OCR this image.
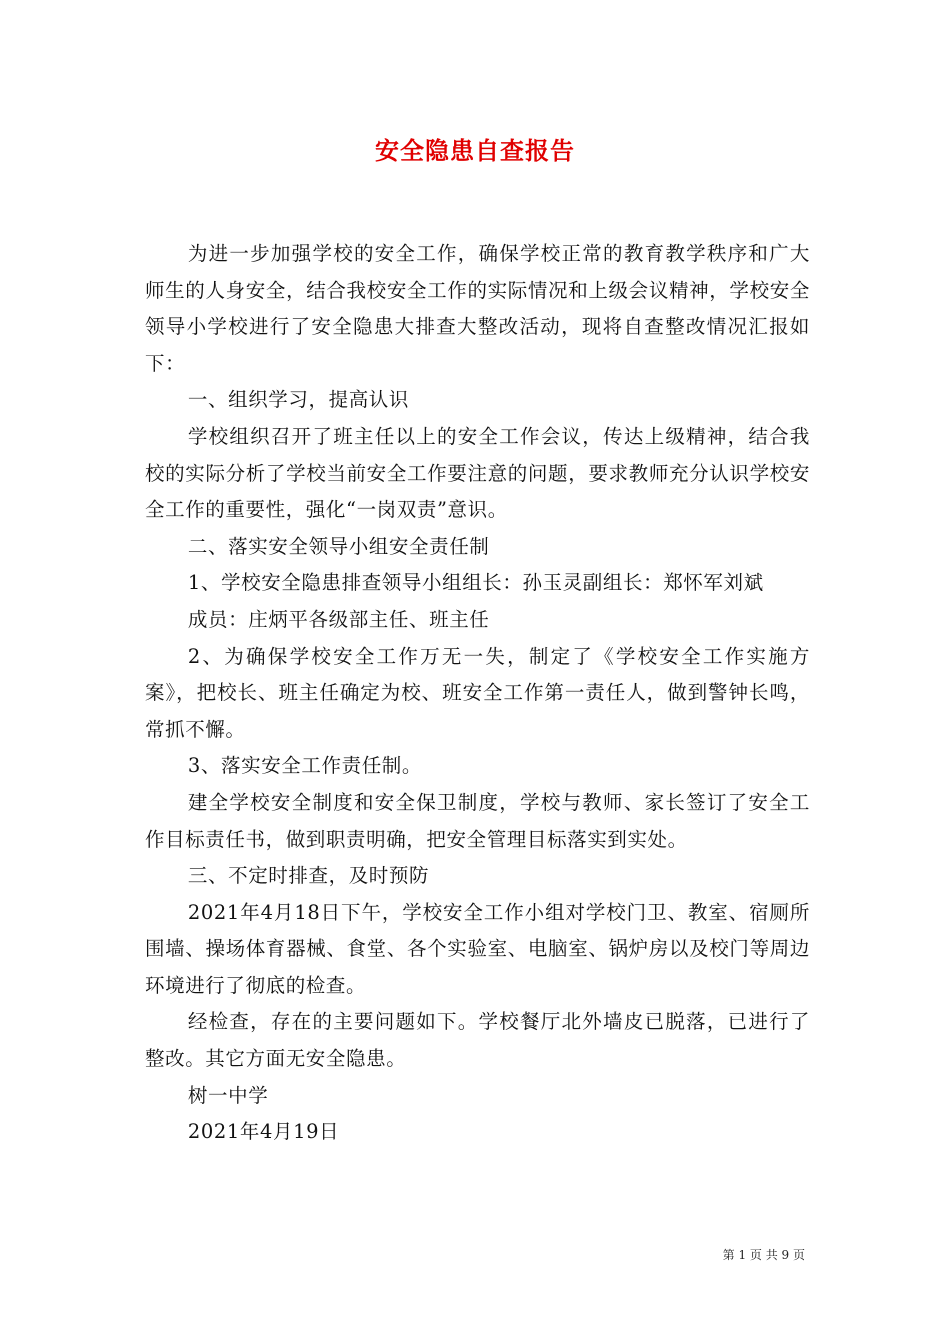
安全隐患自查报告

为进一步加强学校的安全工作，确保学校正常的教育教学秩序和广大师生的人身安全，结合我校安全工作的实际情况和上级会议精神，学校安全领导小学校进行了安全隐患大排查大整改活动，现将自查整改情况汇报如下：

一、组织学习，提高认识

学校组织召开了班主任以上的安全工作会议，传达上级精神，结合我校的实际分析了学校当前安全工作要注意的问题，要求教师充分认识学校安全工作的重要性，强化“一岗双责”意识。

二、落实安全领导小组安全责任制

1、学校安全隐患排查领导小组组长：孙玉灵副组长：郑怀军刘斌

成员：庄炳平各级部主任、班主任

2、为确保学校安全工作万无一失，制定了《学校安全工作实施方案》，把校长、班主任确定为校、班安全工作第一责任人，做到警钟长鸣，常抓不懈。

3、落实安全工作责任制。

建全学校安全制度和安全保卫制度，学校与教师、家长签订了安全工作目标责任书，做到职责明确，把安全管理目标落实到实处。

三、不定时排查，及时预防

2021年4月18日下午，学校安全工作小组对学校门卫、教室、宿厕所围墙、操场体育器械、食堂、各个实验室、电脑室、锅炉房以及校门等周边环境进行了彻底的检查。

经检查，存在的主要问题如下。学校餐厅北外墙皮已脱落，已进行了整改。其它方面无安全隐患。

树一中学

2021年4月19日

第 1 页 共 9 页
